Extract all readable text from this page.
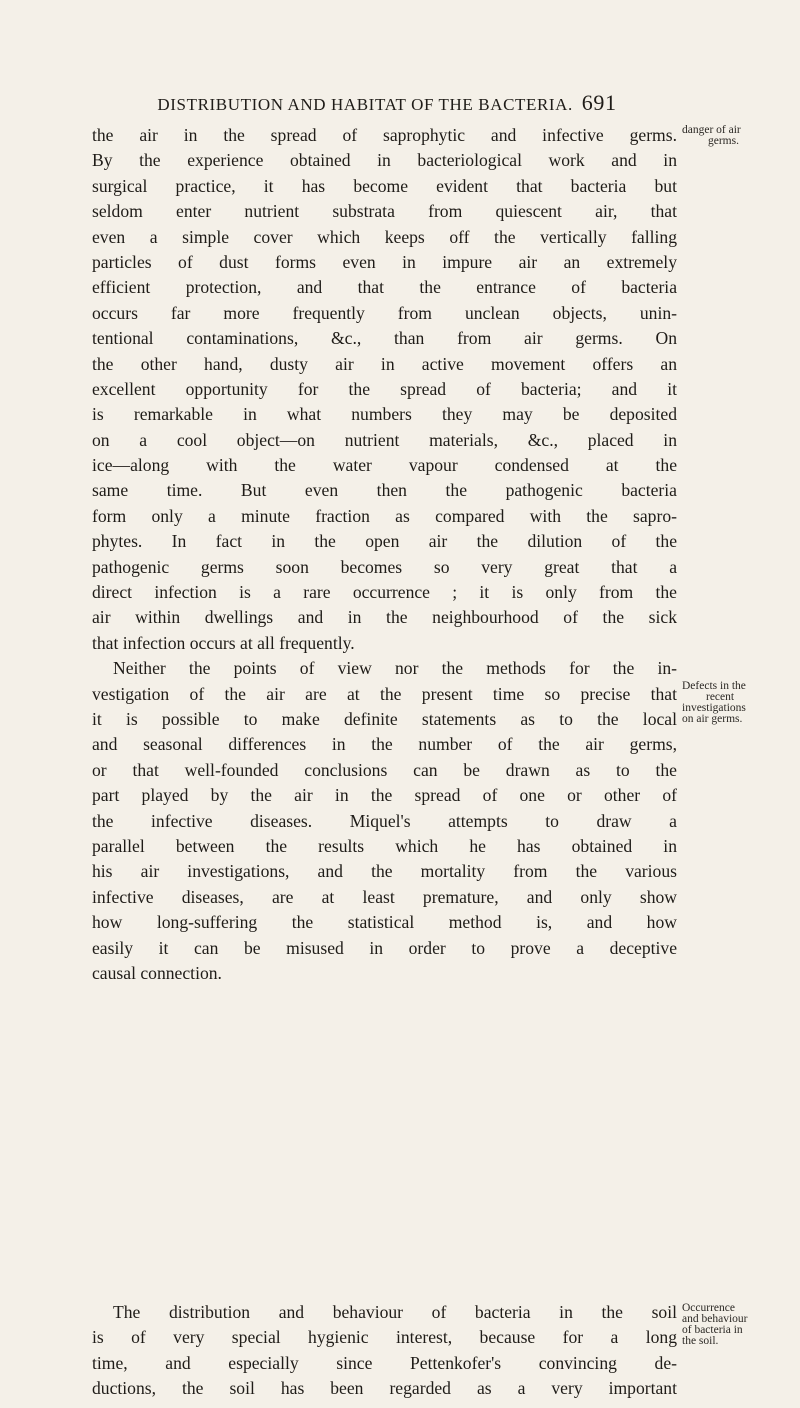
DISTRIBUTION AND HABITAT OF THE BACTERIA. 691
the air in the spread of saprophytic and infective germs.
By the experience obtained in bacteriological work and in
surgical practice, it has become evident that bacteria but
seldom enter nutrient substrata from quiescent air, that
even a simple cover which keeps off the vertically falling
particles of dust forms even in impure air an extremely
efficient protection, and that the entrance of bacteria
occurs far more frequently from unclean objects, unin-
tentional contaminations, &c., than from air germs. On
the other hand, dusty air in active movement offers an
excellent opportunity for the spread of bacteria; and it
is remarkable in what numbers they may be deposited
on a cool object—on nutrient materials, &c., placed in
ice—along with the water vapour condensed at the
same time. But even then the pathogenic bacteria
form only a minute fraction as compared with the sapro-
phytes. In fact in the open air the dilution of the
pathogenic germs soon becomes so very great that a
direct infection is a rare occurrence ; it is only from the
air within dwellings and in the neighbourhood of the sick
that infection occurs at all frequently.
Neither the points of view nor the methods for the in-
vestigation of the air are at the present time so precise that
it is possible to make definite statements as to the local
and seasonal differences in the number of the air germs,
or that well-founded conclusions can be drawn as to the
part played by the air in the spread of one or other of
the infective diseases. Miquel's attempts to draw a
parallel between the results which he has obtained in
his air investigations, and the mortality from the various
infective diseases, are at least premature, and only show
how long-suffering the statistical method is, and how
easily it can be misused in order to prove a deceptive
causal connection.
The distribution and behaviour of bacteria in the soil
is of very special hygienic interest, because for a long
time, and especially since Pettenkofer's convincing de-
ductions, the soil has been regarded as a very important
danger of air
germs.
Defects in the
recent
investigations
on air germs.
Occurrence
and behaviour
of bacteria in
the soil.
